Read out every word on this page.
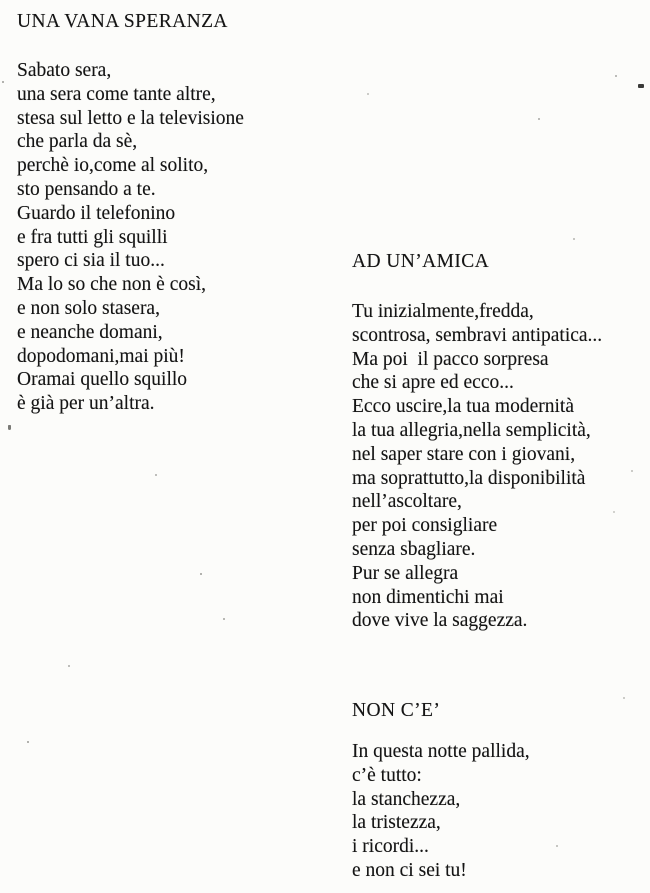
UNA VANA SPERANZA
Sabato sera,
una sera come tante altre,
stesa sul letto e la televisione
che parla da sè,
perchè io,come al solito,
sto pensando a te.
Guardo il telefonino
e fra tutti gli squilli
spero ci sia il tuo...
Ma lo so che non è così,
e non solo stasera,
e neanche domani,
dopodomani,mai più!
Oramai quello squillo
è già per un’altra.
AD UN’AMICA
Tu inizialmente,fredda,
scontrosa, sembravi antipatica...
Ma poi  il pacco sorpresa
che si apre ed ecco...
Ecco uscire,la tua modernità
la tua allegria,nella semplicità,
nel saper stare con i giovani,
ma soprattutto,la disponibilità
nell’ascoltare,
per poi consigliare
senza sbagliare.
Pur se allegra
non dimentichi mai
dove vive la saggezza.
NON C’E’
In questa notte pallida,
c’è tutto:
la stanchezza,
la tristezza,
i ricordi...
e non ci sei tu!
